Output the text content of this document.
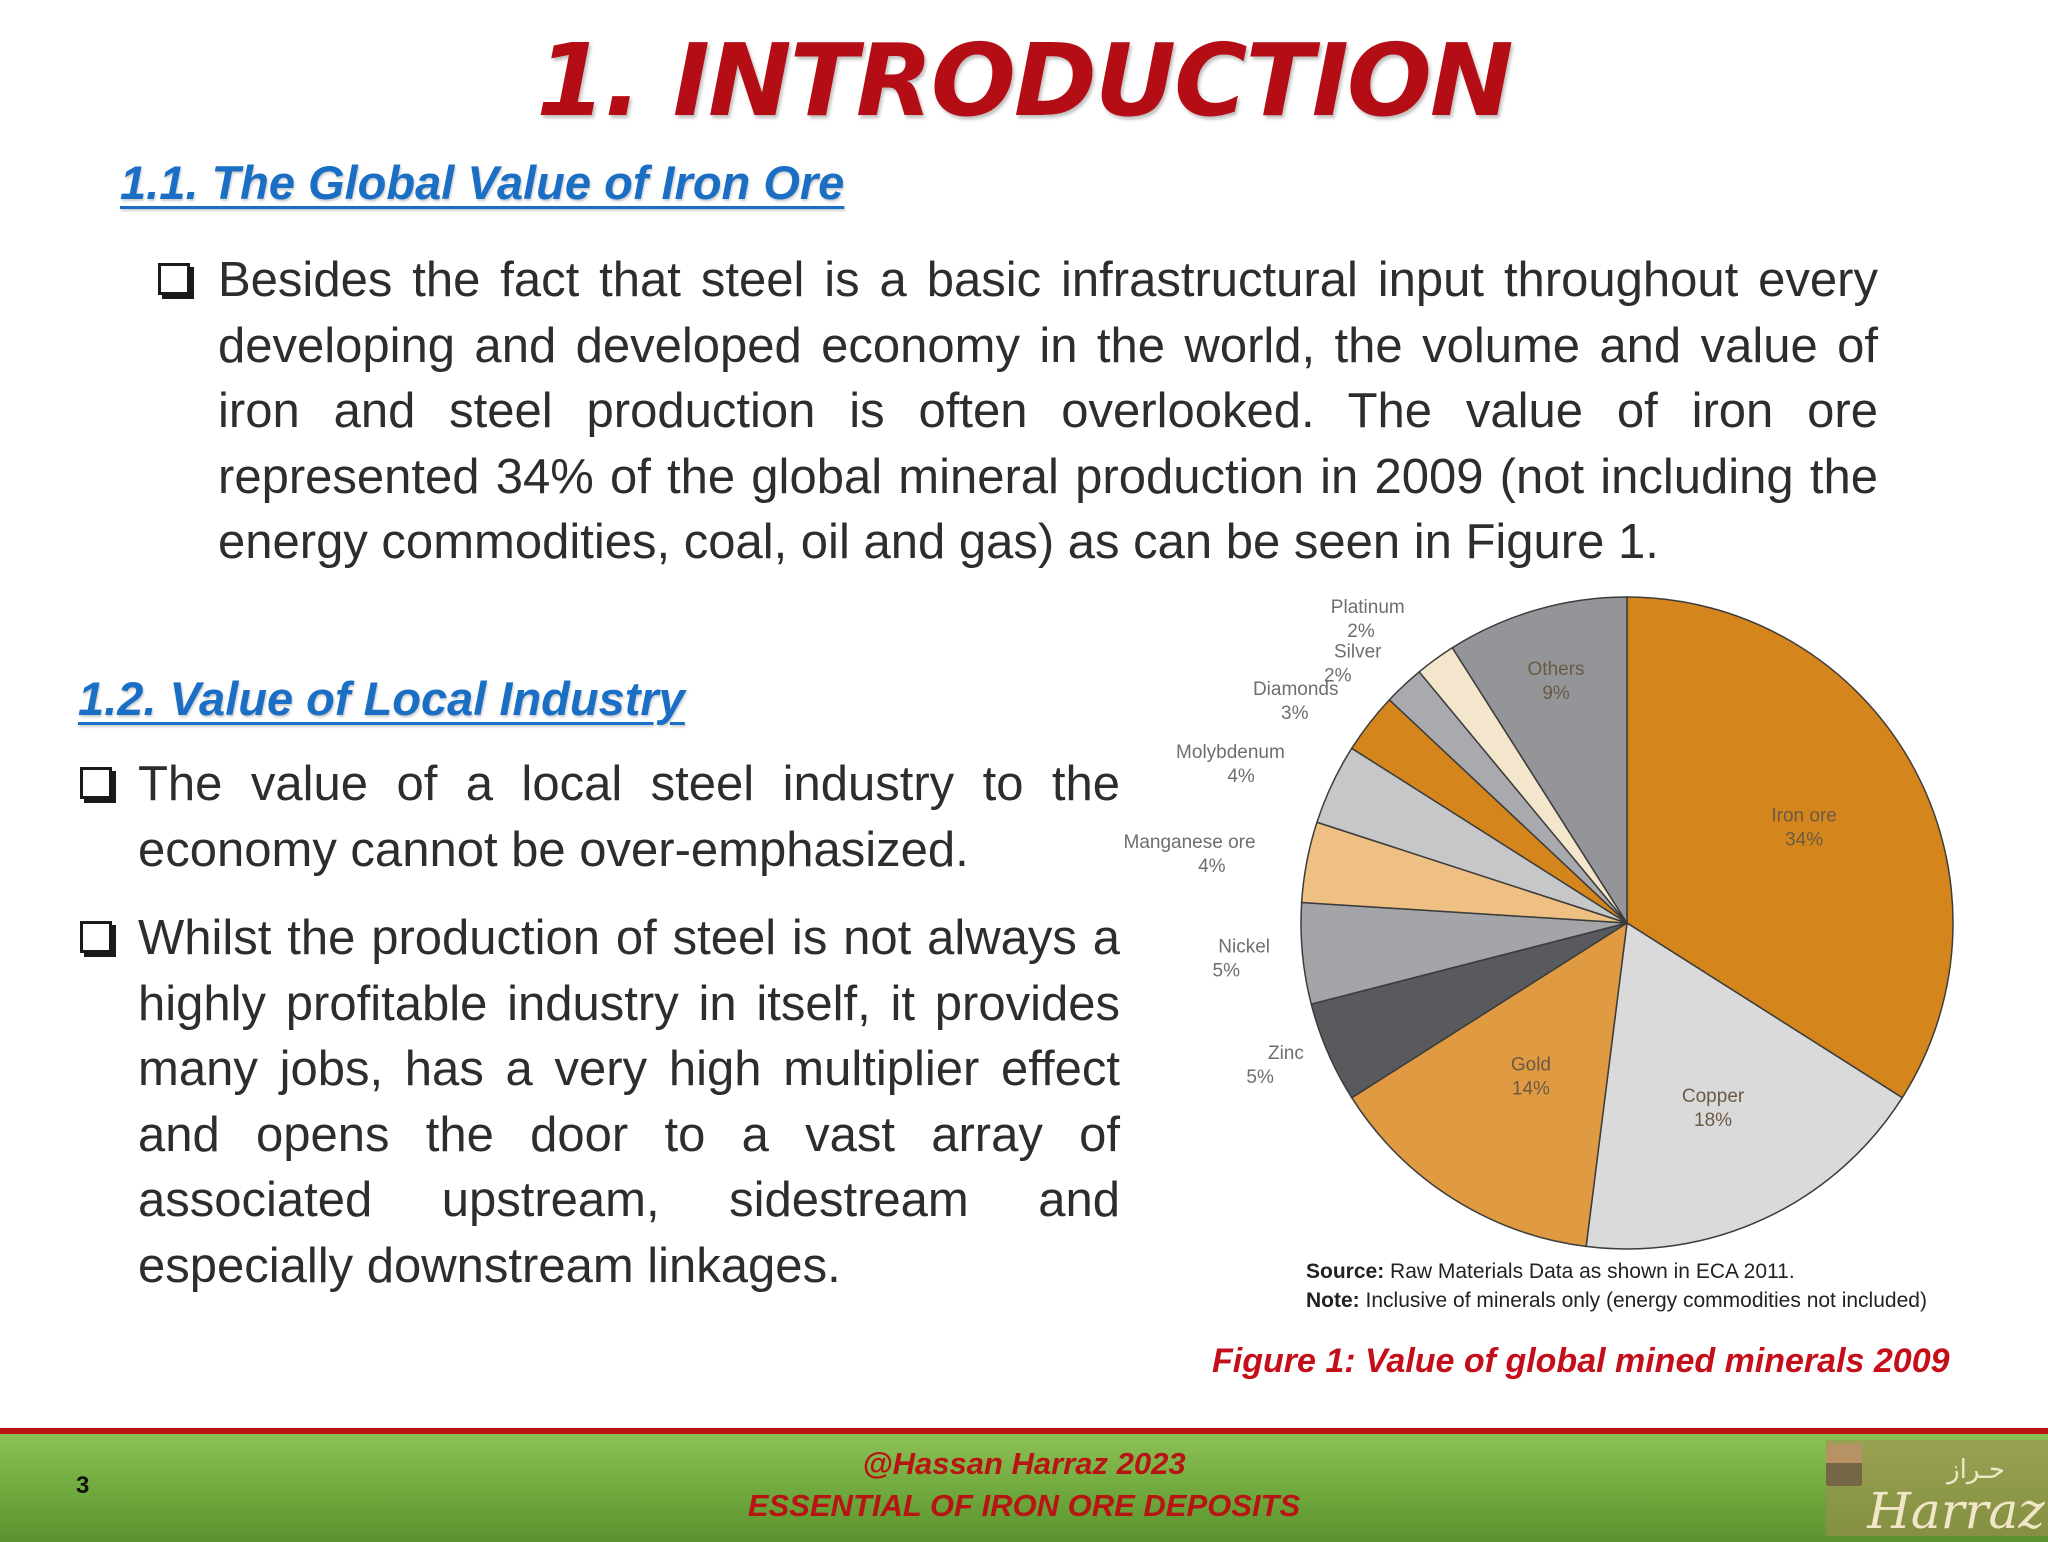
1. INTRODUCTION
1.1. The Global Value of Iron Ore
Besides the fact that steel is a basic infrastructural input throughout every developing and developed economy in the world, the volume and value of iron and steel production is often overlooked. The value of iron ore represented 34% of the global mineral production in 2009 (not including the energy commodities, coal, oil and gas) as can be seen in Figure 1.
1.2. Value of Local Industry
The value of a local steel industry to the economy cannot be over-emphasized.
Whilst the production of steel is not always a highly profitable industry in itself, it provides many jobs, has a very high multiplier effect and opens the door to a vast array of associated upstream, sidestream and especially downstream linkages.
Iron ore 34%
Copper 18%
Gold 14%
Zinc 5%
Nickel 5%
Manganese ore 4%
Molybdenum 4%
Diamonds 3%
Silver 2%
Platinum 2%
Others 9%
Source: Raw Materials Data as shown in ECA 2011.
Note: Inclusive of minerals only (energy commodities not included)
Figure 1: Value of global mined minerals 2009
3
@Hassan Harraz 2023
ESSENTIAL OF IRON ORE DEPOSITS
حـراز
Harraz
